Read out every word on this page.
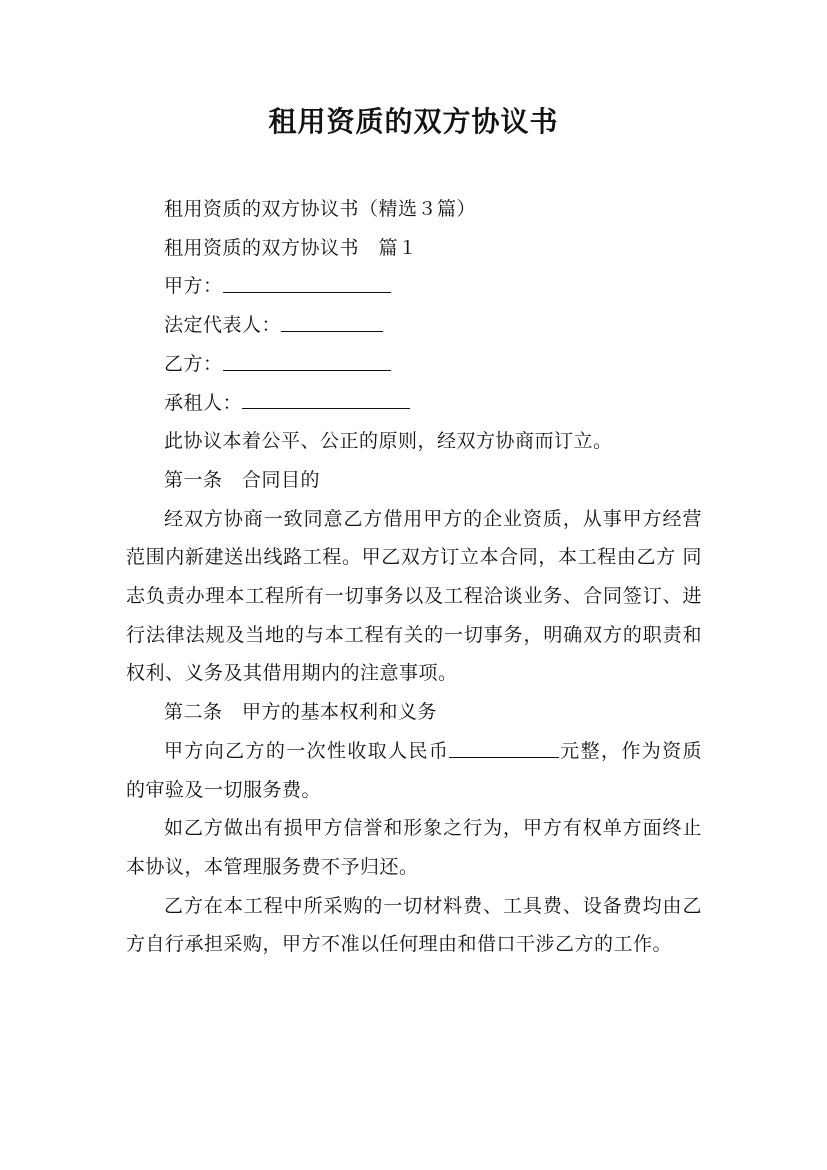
租用资质的双方协议书

租用资质的双方协议书（精选３篇）

租用资质的双方协议书　篇１

甲方：

法定代表人：

乙方：

承租人：

此协议本着公平、公正的原则，经双方协商而订立。

第一条　合同目的

经双方协商一致同意乙方借用甲方的企业资质，从事甲方经营范围内新建送出线路工程。甲乙双方订立本合同，本工程由乙方 同志负责办理本工程所有一切事务以及工程洽谈业务、合同签订、进行法律法规及当地的与本工程有关的一切事务，明确双方的职责和权利、义务及其借用期内的注意事项。

第二条　甲方的基本权利和义务

甲方向乙方的一次性收取人民币	元整，作为资质的审验及一切服务费。

如乙方做出有损甲方信誉和形象之行为，甲方有权单方面终止本协议，本管理服务费不予归还。

乙方在本工程中所采购的一切材料费、工具费、设备费均由乙方自行承担采购，甲方不准以任何理由和借口干涉乙方的工作。
